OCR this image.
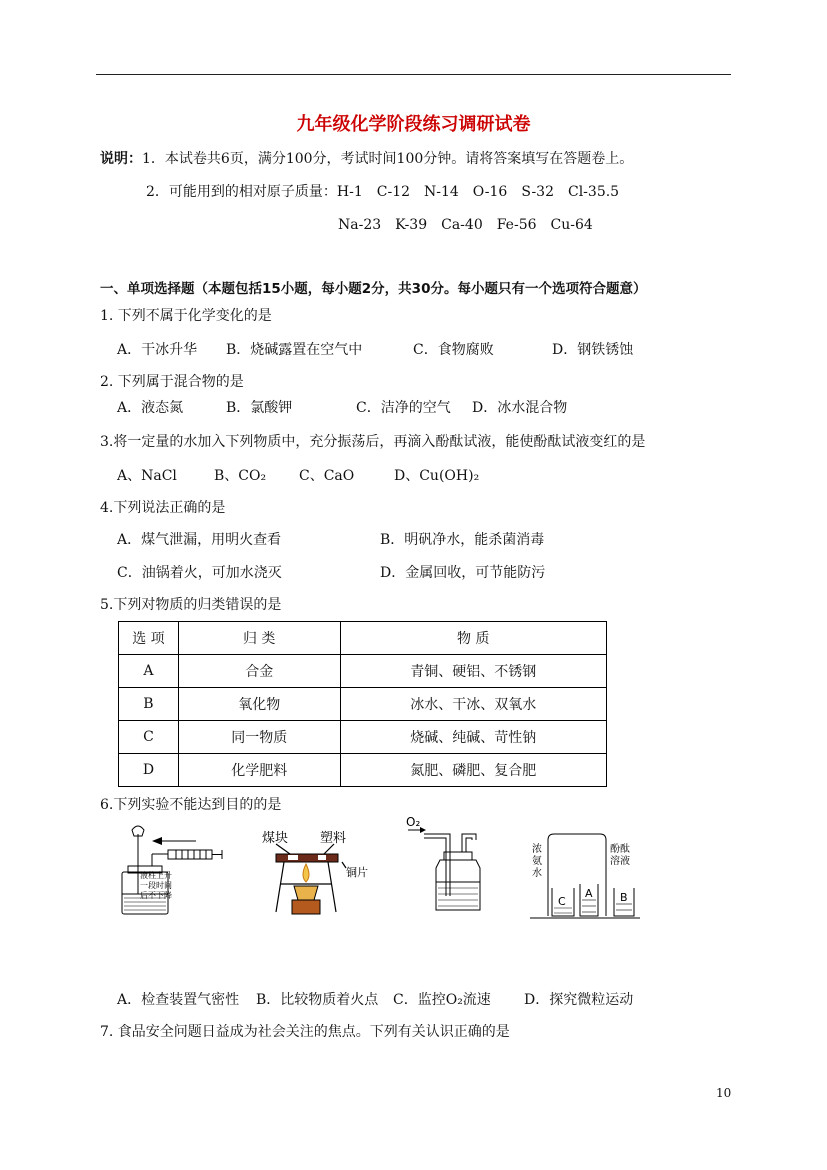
九年级化学阶段练习调研试卷
说明：1．本试卷共6页，满分100分，考试时间100分钟。请将答案填写在答题卷上。
2．可能用到的相对原子质量：H-1　C-12　N-14　O-16　S-32　Cl-35.5
Na-23　K-39　Ca-40　Fe-56　Cu-64
一、单项选择题（本题包括15小题，每小题2分，共30分。每小题只有一个选项符合题意）
1. 下列不属于化学变化的是
A．干冰升华 B．烧碱露置在空气中	C．食物腐败	D．钢铁锈蚀
2. 下列属于混合物的是
A．液态氮	B．氯酸钾	C．洁净的空气 D．冰水混合物
3.将一定量的水加入下列物质中，充分振荡后，再滴入酚酞试液，能使酚酞试液变红的是
A、NaCl	B、CO₂ C、CaO	D、Cu(OH)₂
4.下列说法正确的是
A．煤气泄漏，用明火查看	B．明矾净水，能杀菌消毒
C．油锅着火，可加水浇灭	D．金属回收，可节能防污
5.下列对物质的归类错误的是
选 项	归 类	物 质
A	合金	青铜、硬铝、不锈钢
B	氧化物	冰水、干冰、双氧水
C	同一物质	烧碱、纯碱、苛性钠
D	化学肥料	氮肥、磷肥、复合肥
6.下列实验不能达到目的的是
液柱上升
一段时间
后不下降
煤块 塑料
铜片
O₂
浓
氨
水
酚酞
溶液
C
A B
A．检查装置气密性 B．比较物质着火点 C．监控O₂流速 D．探究微粒运动
7. 食品安全问题日益成为社会关注的焦点。下列有关认识正确的是
10
